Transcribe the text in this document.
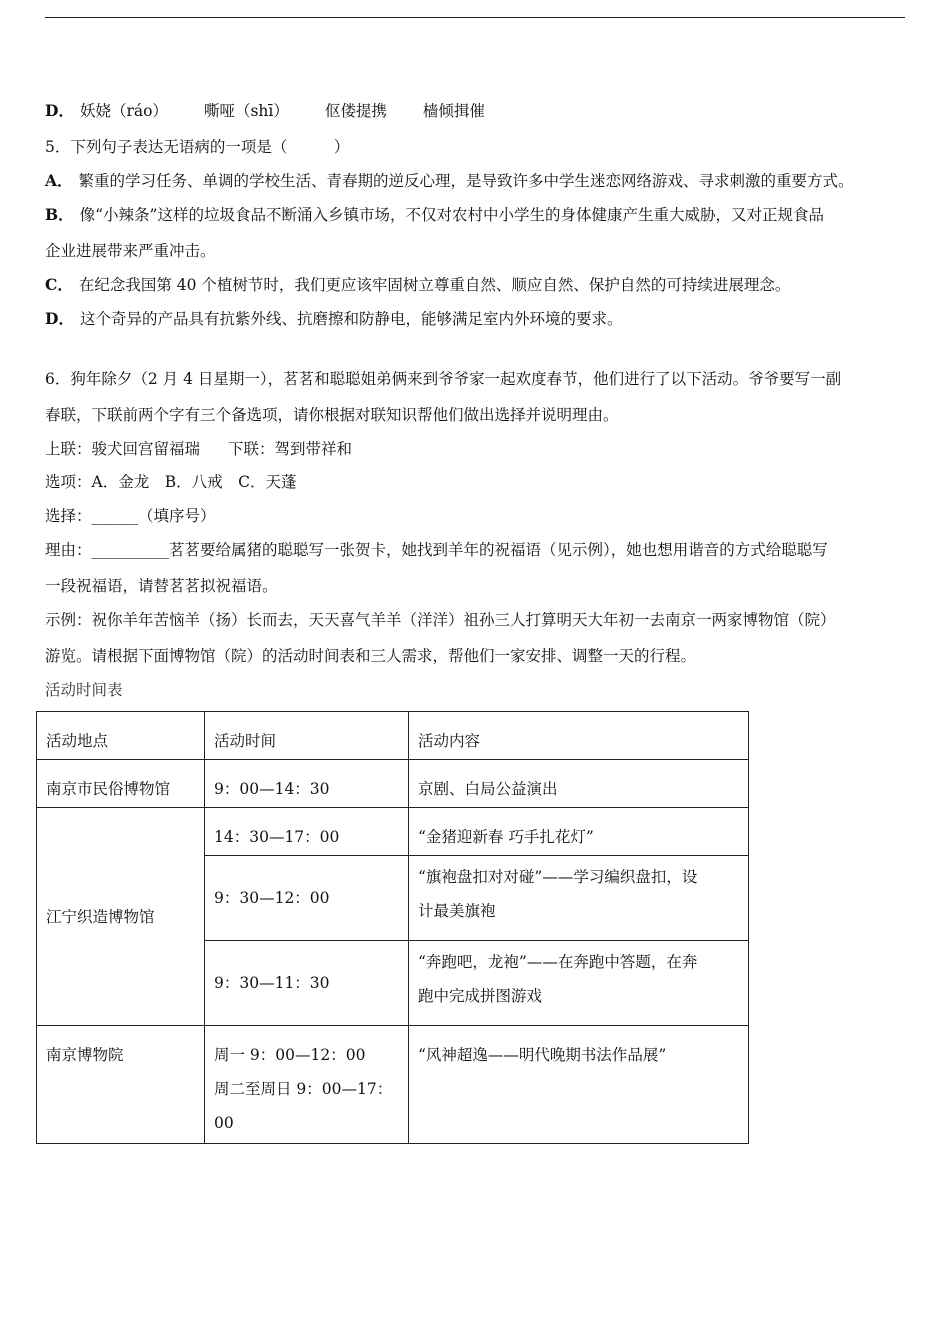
D． 妖娆（ráo） 嘶哑（shī） 伛偻提携 樯倾揖催
5．下列句子表达无语病的一项是（　　　）
A． 繁重的学习任务、单调的学校生活、青春期的逆反心理，是导致许多中学生迷恋网络游戏、寻求刺激的重要方式。
B． 像“小辣条”这样的垃圾食品不断涌入乡镇市场，不仅对农村中小学生的身体健康产生重大威胁，又对正规食品
企业进展带来严重冲击。
C． 在纪念我国第 40 个植树节时，我们更应该牢固树立尊重自然、顺应自然、保护自然的可持续进展理念。
D． 这个奇异的产品具有抗紫外线、抗磨擦和防静电，能够满足室内外环境的要求。
6．狗年除夕（2 月 4 日星期一），茗茗和聪聪姐弟俩来到爷爷家一起欢度春节，他们进行了以下活动。爷爷要写一副
春联，下联前两个字有三个备选项，请你根据对联知识帮他们做出选择并说明理由。
上联：骏犬回宫留福瑞 下联：驾到带祥和
选项：A．金龙　B．八戒　C．天蓬
选择：______（填序号）
理由：__________茗茗要给属猪的聪聪写一张贺卡，她找到羊年的祝福语（见示例），她也想用谐音的方式给聪聪写
一段祝福语，请替茗茗拟祝福语。
示例：祝你羊年苦恼羊（扬）长而去，天天喜气羊羊（洋洋）祖孙三人打算明天大年初一去南京一两家博物馆（院）
游览。请根据下面博物馆（院）的活动时间表和三人需求，帮他们一家安排、调整一天的行程。
活动时间表
活动地点	活动时间	活动内容
南京市民俗博物馆	9：00—14：30	京剧、白局公益演出
江宁织造博物馆	14：30—17：00	“金猪迎新春 巧手扎花灯”
	9：30—12：00	“旗袍盘扣对对碰”——学习编织盘扣，设
计最美旗袍

	9：30—11：30	“奔跑吧，龙袍”——在奔跑中答题，在奔
跑中完成拼图游戏

南京博物院	周一 9：00—12：00
周二至周日 9：00—17：
00	“风神超逸——明代晚期书法作品展”
